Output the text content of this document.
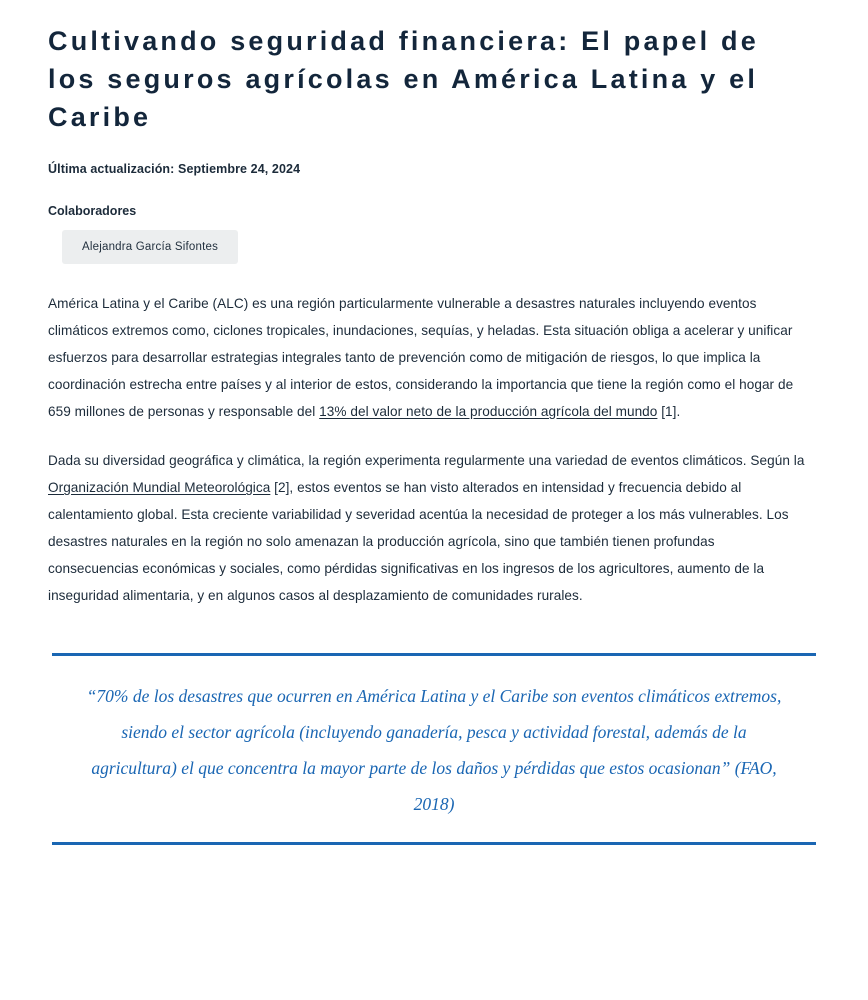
Cultivando seguridad financiera: El papel de los seguros agrícolas en América Latina y el Caribe
Última actualización: Septiembre 24, 2024
Colaboradores
Alejandra García Sifontes

América Latina y el Caribe (ALC) es una región particularmente vulnerable a desastres naturales incluyendo eventos climáticos extremos como, ciclones tropicales, inundaciones, sequías, y heladas. Esta situación obliga a acelerar y unificar esfuerzos para desarrollar estrategias integrales tanto de prevención como de mitigación de riesgos, lo que implica la coordinación estrecha entre países y al interior de estos, considerando la importancia que tiene la región como el hogar de 659 millones de personas y responsable del 13% del valor neto de la producción agrícola del mundo [1].

Dada su diversidad geográfica y climática, la región experimenta regularmente una variedad de eventos climáticos. Según la Organización Mundial Meteorológica [2], estos eventos se han visto alterados en intensidad y frecuencia debido al calentamiento global. Esta creciente variabilidad y severidad acentúa la necesidad de proteger a los más vulnerables. Los desastres naturales en la región no solo amenazan la producción agrícola, sino que también tienen profundas consecuencias económicas y sociales, como pérdidas significativas en los ingresos de los agricultores, aumento de la inseguridad alimentaria, y en algunos casos al desplazamiento de comunidades rurales.

“70% de los desastres que ocurren en América Latina y el Caribe son eventos climáticos extremos, siendo el sector agrícola (incluyendo ganadería, pesca y actividad forestal, además de la agricultura) el que concentra la mayor parte de los daños y pérdidas que estos ocasionan” (FAO, 2018)
